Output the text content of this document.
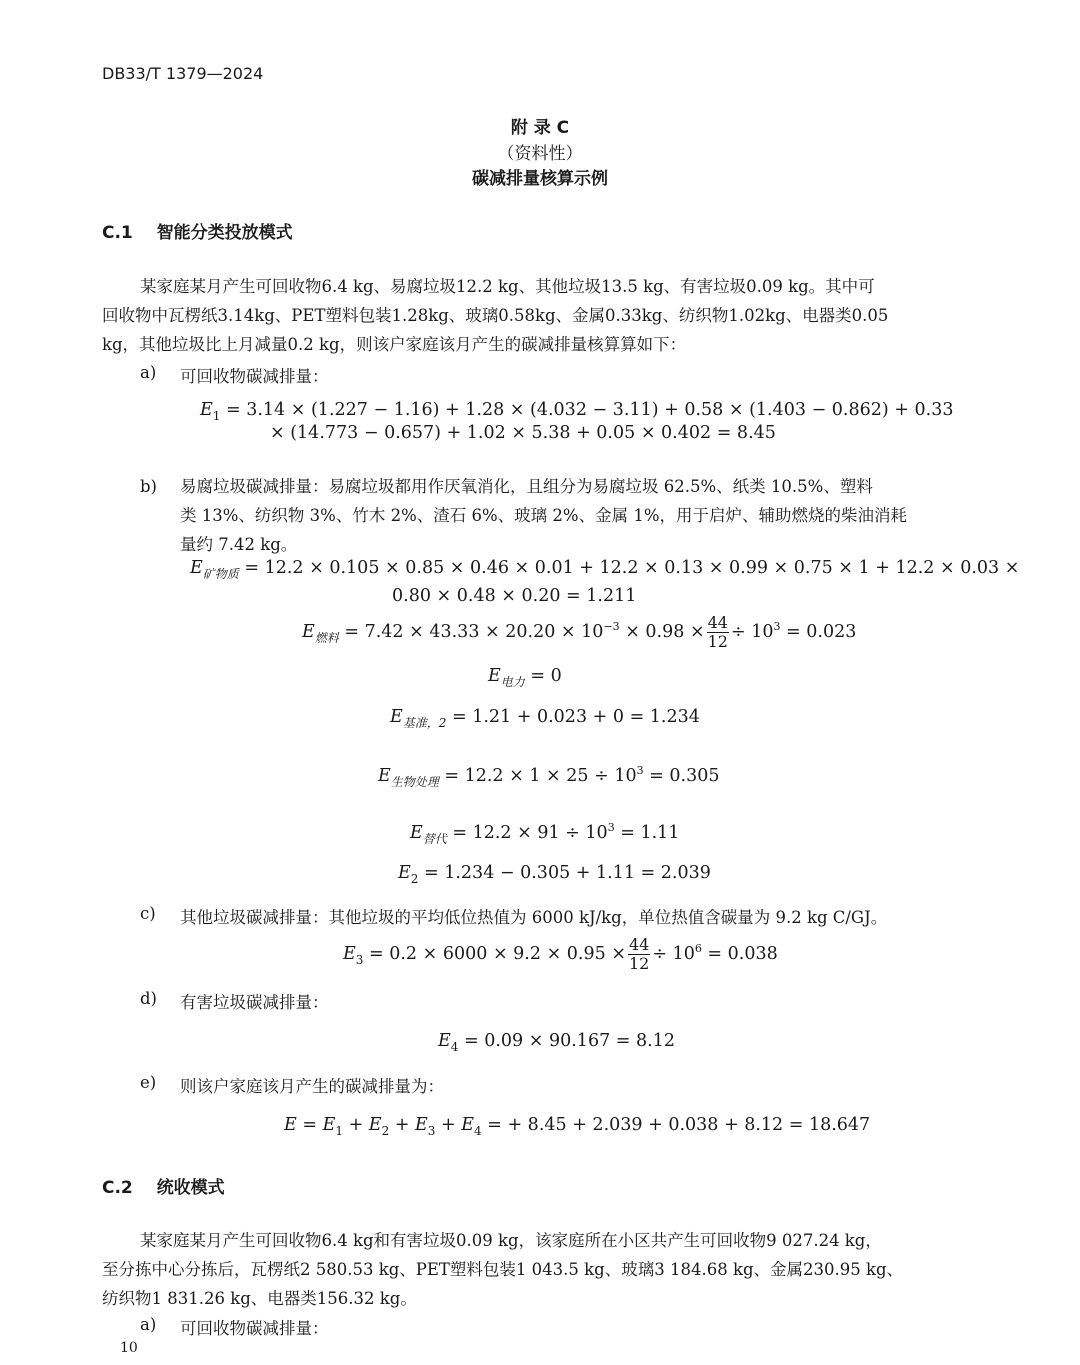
DB33/T 1379—2024
附 录 C
（资料性）
碳减排量核算示例
C.1 智能分类投放模式
某家庭某月产生可回收物6.4 kg、易腐垃圾12.2 kg、其他垃圾13.5 kg、有害垃圾0.09 kg。其中可
回收物中瓦楞纸3.14kg、PET塑料包装1.28kg、玻璃0.58kg、金属0.33kg、纺织物1.02kg、电器类0.05
kg，其他垃圾比上月减量0.2 kg，则该户家庭该月产生的碳减排量核算算如下：
a) 可回收物碳减排量：
$E_1 = 3.14 \times (1.227 - 1.16) + 1.28 \times (4.032 - 3.11) + 0.58 \times (1.403 - 0.862) + 0.33$
× (14.773 − 0.657) + 1.02 × 5.38 + 0.05 × 0.402 = 8.45
b) 易腐垃圾碳减排量：易腐垃圾都用作厌氧消化，且组分为易腐垃圾 62.5%、纸类 10.5%、塑料
类 13%、纺织物 3%、竹木 2%、渣石 6%、玻璃 2%、金属 1%，用于启炉、辅助燃烧的柴油消耗
量约 7.42 kg。
$E_{矿物质} = 12.2 \times 0.105 \times 0.85 \times 0.46 \times 0.01 + 12.2 \times 0.13 \times 0.99 \times 0.75 \times 1 + 12.2 \times 0.03$ ×
0.80 × 0.48 × 0.20 = 1.211
$E_{燃料} = 7.42 \times 43.33 \times 20.20 \times 10^{-3} \times 0.98 \times \frac{44}{12} \div 10^3 = 0.023$
$E_{电力} = 0$
$E_{基准,2} = 1.21 + 0.023 + 0 = 1.234$
$E_{生物处理} = 12.2 \times 1 \times 25 \div 10^3 = 0.305$
$E_{替代} = 12.2 \times 91 \div 10^3 = 1.11$
$E_2 = 1.234 - 0.305 + 1.11 = 2.039$
c) 其他垃圾碳减排量：其他垃圾的平均低位热值为 6000 kJ/kg，单位热值含碳量为 9.2 kg C/GJ。
$E_3 = 0.2 \times 6000 \times 9.2 \times 0.95 \times \frac{44}{12} \div 10^6 = 0.038$
d) 有害垃圾碳减排量：
$E_4 = 0.09 \times 90.167 = 8.12$
e) 则该户家庭该月产生的碳减排量为：
$E = E_1 + E_2 + E_3 + E_4$ = + 8.45 + 2.039 + 0.038 + 8.12 = 18.647
C.2 统收模式
某家庭某月产生可回收物6.4 kg和有害垃圾0.09 kg，该家庭所在小区共产生可回收物9 027.24 kg，
至分拣中心分拣后，瓦楞纸2 580.53 kg、PET塑料包装1 043.5 kg、玻璃3 184.68 kg、金属230.95 kg、
纺织物1 831.26 kg、电器类156.32 kg。
a) 可回收物碳减排量：
10
